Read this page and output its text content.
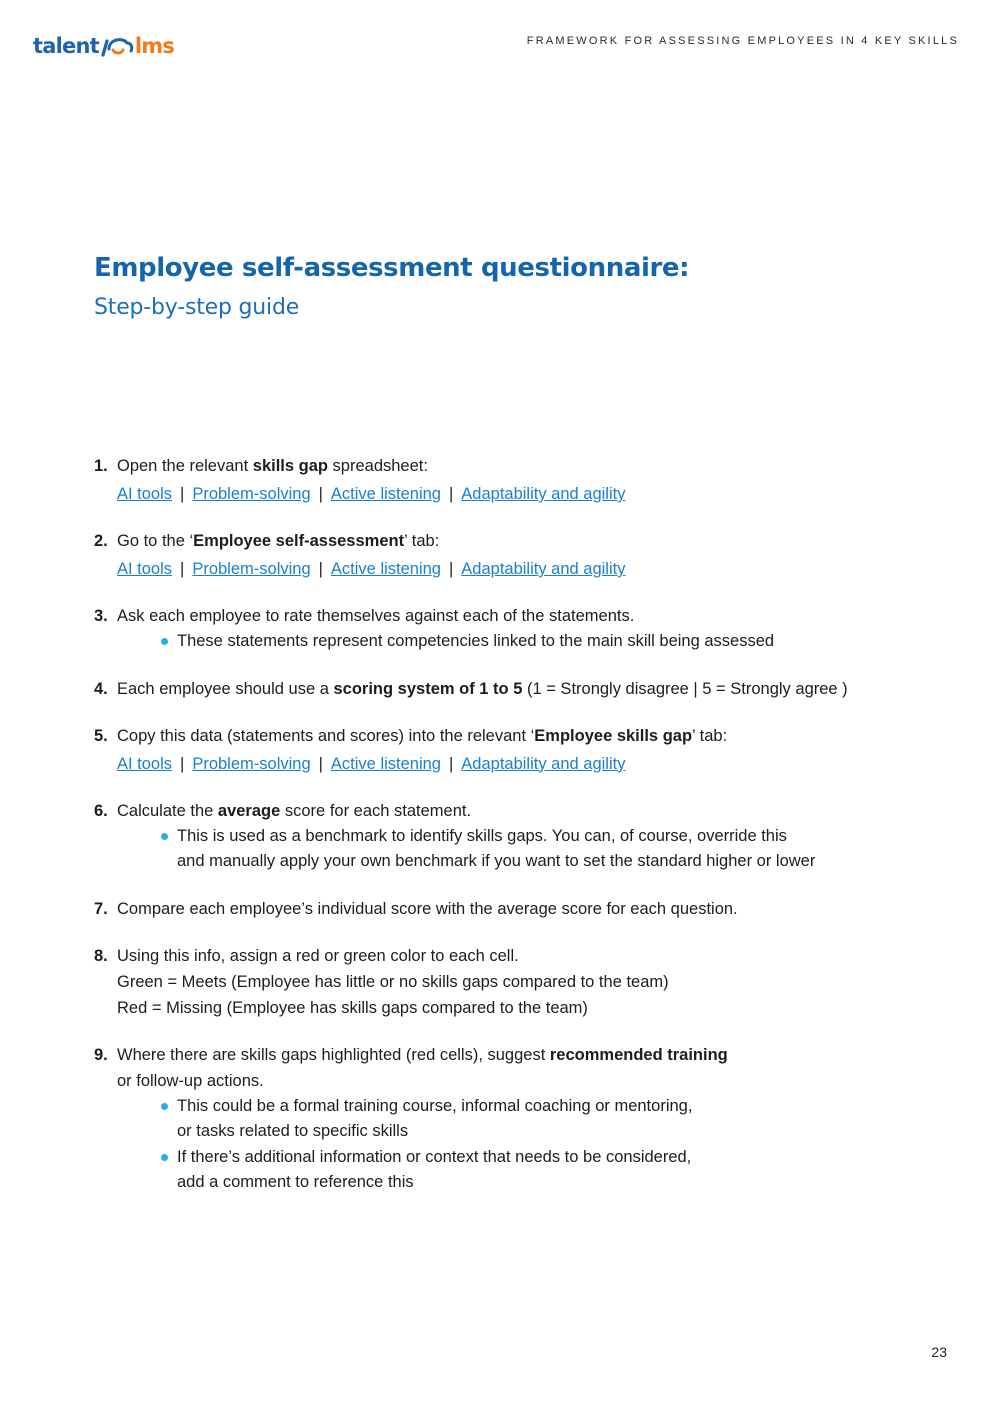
talent lms	FRAMEWORK FOR ASSESSING EMPLOYEES IN 4 KEY SKILLS
Employee self-assessment questionnaire:
Step-by-step guide
1. Open the relevant skills gap spreadsheet:
AI tools | Problem-solving | Active listening | Adaptability and agility
2. Go to the ‘Employee self-assessment’ tab:
AI tools | Problem-solving | Active listening | Adaptability and agility
3. Ask each employee to rate themselves against each of the statements.
These statements represent competencies linked to the main skill being assessed
4. Each employee should use a scoring system of 1 to 5 (1 = Strongly disagree | 5 = Strongly agree )
5. Copy this data (statements and scores) into the relevant ‘Employee skills gap’ tab:
AI tools | Problem-solving | Active listening | Adaptability and agility
6. Calculate the average score for each statement.
This is used as a benchmark to identify skills gaps. You can, of course, override this
and manually apply your own benchmark if you want to set the standard higher or lower
7. Compare each employee’s individual score with the average score for each question.
8. Using this info, assign a red or green color to each cell.
Green = Meets (Employee has little or no skills gaps compared to the team)
Red = Missing (Employee has skills gaps compared to the team)
9. Where there are skills gaps highlighted (red cells), suggest recommended training
or follow-up actions.
This could be a formal training course, informal coaching or mentoring,
or tasks related to specific skills
If there’s additional information or context that needs to be considered,
add a comment to reference this
23
